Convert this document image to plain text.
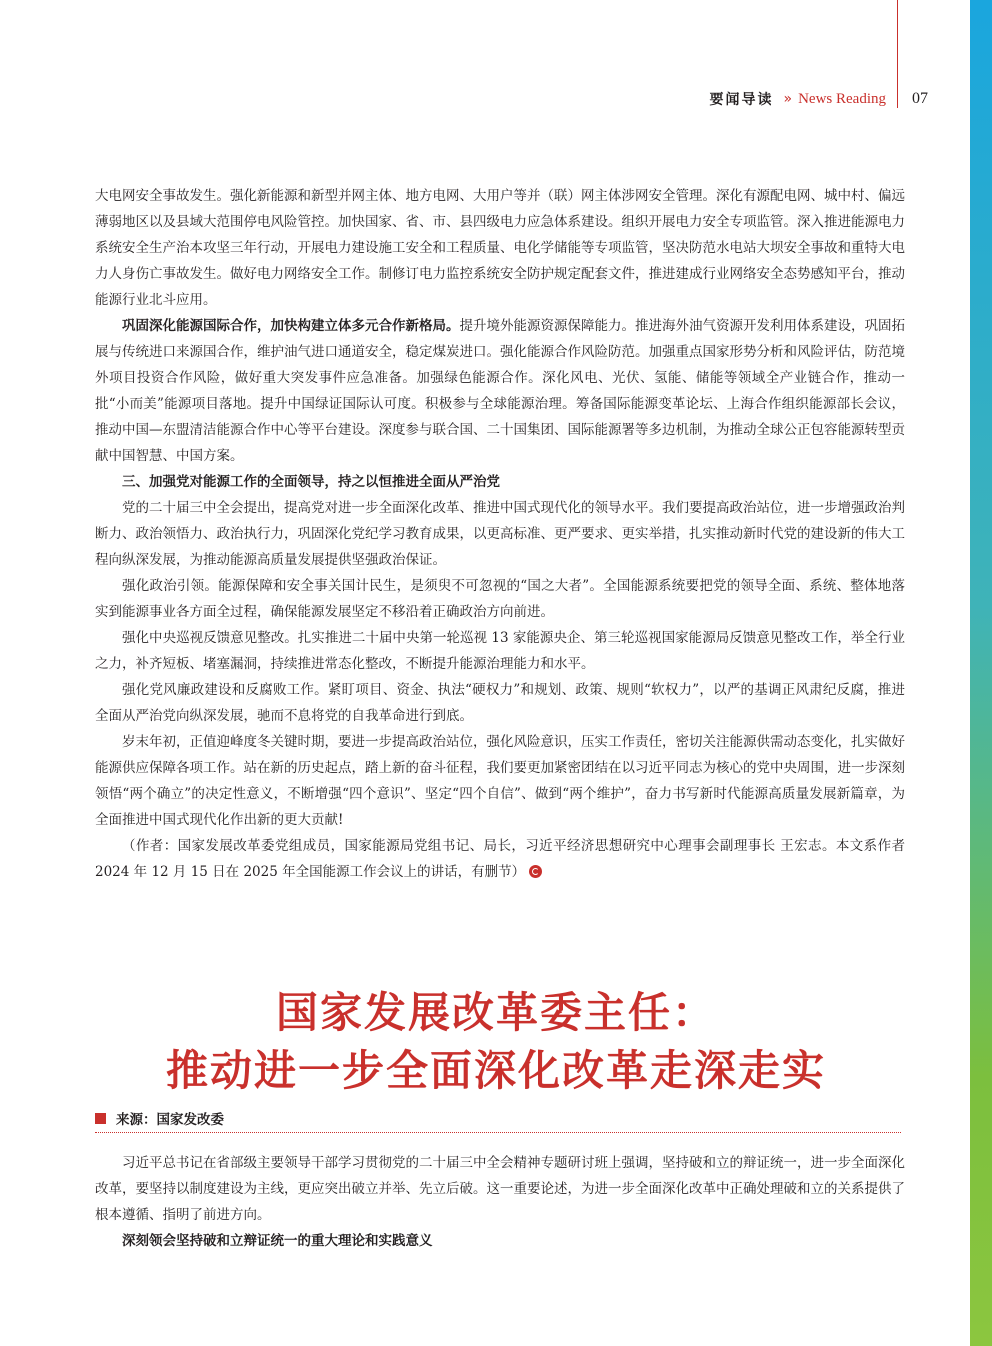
要闻导读 » News Reading 07

大电网安全事故发生。强化新能源和新型并网主体、地方电网、大用户等并（联）网主体涉网安全管理。深化有源配电网、城中村、偏远薄弱地区以及县域大范围停电风险管控。加快国家、省、市、县四级电力应急体系建设。组织开展电力安全专项监管。深入推进能源电力系统安全生产治本攻坚三年行动，开展电力建设施工安全和工程质量、电化学储能等专项监管，坚决防范水电站大坝安全事故和重特大电力人身伤亡事故发生。做好电力网络安全工作。制修订电力监控系统安全防护规定配套文件，推进建成行业网络安全态势感知平台，推动能源行业北斗应用。

巩固深化能源国际合作，加快构建立体多元合作新格局。提升境外能源资源保障能力。推进海外油气资源开发利用体系建设，巩固拓展与传统进口来源国合作，维护油气进口通道安全，稳定煤炭进口。强化能源合作风险防范。加强重点国家形势分析和风险评估，防范境外项目投资合作风险，做好重大突发事件应急准备。加强绿色能源合作。深化风电、光伏、氢能、储能等领域全产业链合作，推动一批“小而美”能源项目落地。提升中国绿证国际认可度。积极参与全球能源治理。筹备国际能源变革论坛、上海合作组织能源部长会议，推动中国—东盟清洁能源合作中心等平台建设。深度参与联合国、二十国集团、国际能源署等多边机制，为推动全球公正包容能源转型贡献中国智慧、中国方案。

三、加强党对能源工作的全面领导，持之以恒推进全面从严治党

党的二十届三中全会提出，提高党对进一步全面深化改革、推进中国式现代化的领导水平。我们要提高政治站位，进一步增强政治判断力、政治领悟力、政治执行力，巩固深化党纪学习教育成果，以更高标准、更严要求、更实举措，扎实推动新时代党的建设新的伟大工程向纵深发展，为推动能源高质量发展提供坚强政治保证。

强化政治引领。能源保障和安全事关国计民生，是须臾不可忽视的“国之大者”。全国能源系统要把党的领导全面、系统、整体地落实到能源事业各方面全过程，确保能源发展坚定不移沿着正确政治方向前进。

强化中央巡视反馈意见整改。扎实推进二十届中央第一轮巡视 13 家能源央企、第三轮巡视国家能源局反馈意见整改工作，举全行业之力，补齐短板、堵塞漏洞，持续推进常态化整改，不断提升能源治理能力和水平。

强化党风廉政建设和反腐败工作。紧盯项目、资金、执法“硬权力”和规划、政策、规则“软权力”，以严的基调正风肃纪反腐，推进全面从严治党向纵深发展，驰而不息将党的自我革命进行到底。

岁末年初，正值迎峰度冬关键时期，要进一步提高政治站位，强化风险意识，压实工作责任，密切关注能源供需动态变化，扎实做好能源供应保障各项工作。站在新的历史起点，踏上新的奋斗征程，我们要更加紧密团结在以习近平同志为核心的党中央周围，进一步深刻领悟“两个确立”的决定性意义，不断增强“四个意识”、坚定“四个自信”、做到“两个维护”，奋力书写新时代能源高质量发展新篇章，为全面推进中国式现代化作出新的更大贡献!

（作者：国家发展改革委党组成员，国家能源局党组书记、局长，习近平经济思想研究中心理事会副理事长 王宏志。本文系作者 2024 年 12 月 15 日在 2025 年全国能源工作会议上的讲话，有删节）

国家发展改革委主任：
推动进一步全面深化改革走深走实
来源：国家发改委

习近平总书记在省部级主要领导干部学习贯彻党的二十届三中全会精神专题研讨班上强调，坚持破和立的辩证统一，进一步全面深化改革，要坚持以制度建设为主线，更应突出破立并举、先立后破。这一重要论述，为进一步全面深化改革中正确处理破和立的关系提供了根本遵循、指明了前进方向。

深刻领会坚持破和立辩证统一的重大理论和实践意义
